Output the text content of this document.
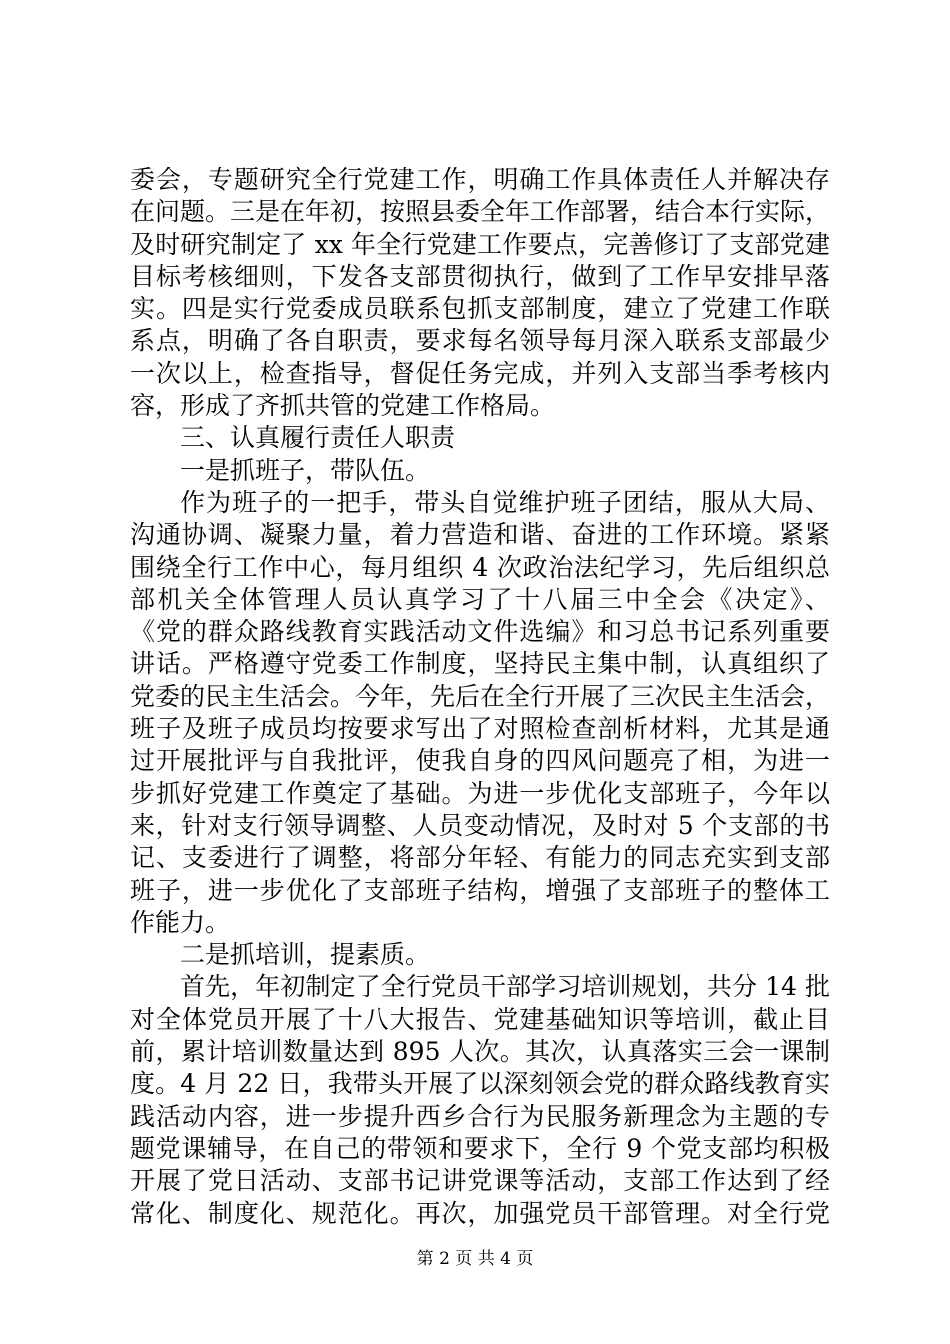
委会，专题研究全行党建工作，明确工作具体责任人并解决存
在问题。三是在年初，按照县委全年工作部署，结合本行实际，
及时研究制定了 xx 年全行党建工作要点，完善修订了支部党建
目标考核细则，下发各支部贯彻执行，做到了工作早安排早落
实。四是实行党委成员联系包抓支部制度，建立了党建工作联
系点，明确了各自职责，要求每名领导每月深入联系支部最少
一次以上，检查指导，督促任务完成，并列入支部当季考核内
容，形成了齐抓共管的党建工作格局。
三、认真履行责任人职责
一是抓班子，带队伍。
作为班子的一把手，带头自觉维护班子团结，服从大局、
沟通协调、凝聚力量，着力营造和谐、奋进的工作环境。紧紧
围绕全行工作中心，每月组织 4 次政治法纪学习，先后组织总
部机关全体管理人员认真学习了十八届三中全会《决定》、
《党的群众路线教育实践活动文件选编》和习总书记系列重要
讲话。严格遵守党委工作制度，坚持民主集中制，认真组织了
党委的民主生活会。今年，先后在全行开展了三次民主生活会，
班子及班子成员均按要求写出了对照检查剖析材料，尤其是通
过开展批评与自我批评，使我自身的四风问题亮了相，为进一
步抓好党建工作奠定了基础。为进一步优化支部班子，今年以
来，针对支行领导调整、人员变动情况，及时对 5 个支部的书
记、支委进行了调整，将部分年轻、有能力的同志充实到支部
班子，进一步优化了支部班子结构，增强了支部班子的整体工
作能力。
二是抓培训，提素质。
首先，年初制定了全行党员干部学习培训规划，共分 14 批
对全体党员开展了十八大报告、党建基础知识等培训，截止目
前，累计培训数量达到 895 人次。其次，认真落实三会一课制
度。4 月 22 日，我带头开展了以深刻领会党的群众路线教育实
践活动内容，进一步提升西乡合行为民服务新理念为主题的专
题党课辅导，在自己的带领和要求下，全行 9 个党支部均积极
开展了党日活动、支部书记讲党课等活动，支部工作达到了经
常化、制度化、规范化。再次，加强党员干部管理。对全行党
第 2 页 共 4 页
